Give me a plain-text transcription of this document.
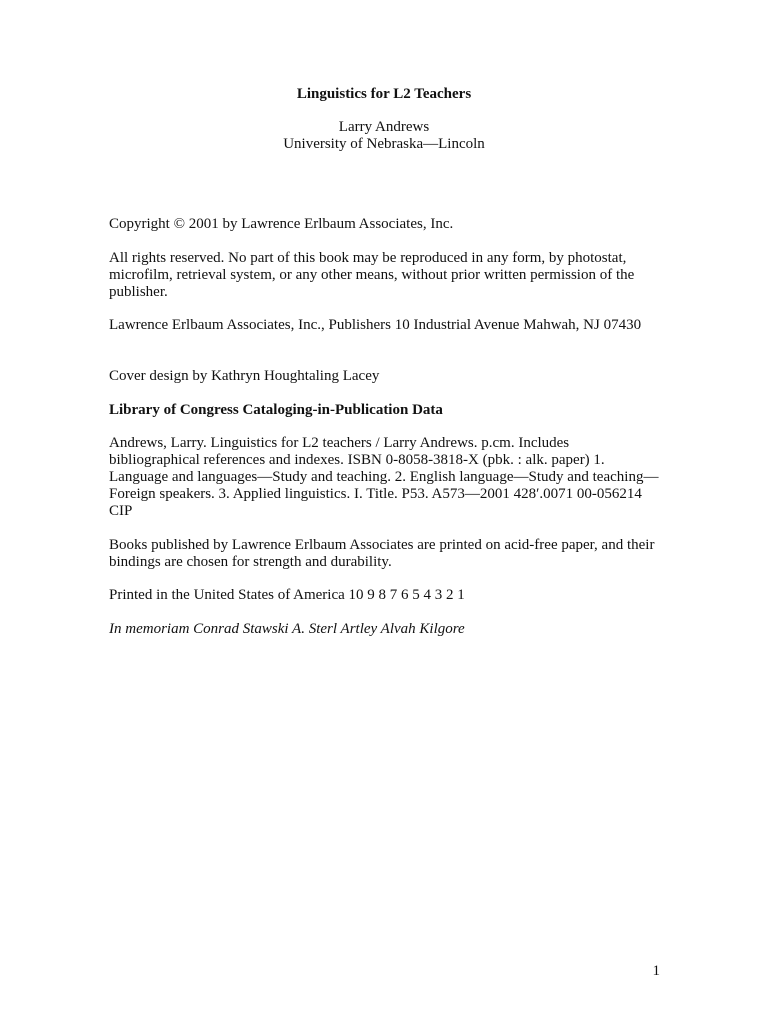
Linguistics for L2 Teachers
Larry Andrews
University of Nebraska—Lincoln

Copyright © 2001 by Lawrence Erlbaum Associates, Inc.

All rights reserved. No part of this book may be reproduced in any form, by photostat, microfilm, retrieval system, or any other means, without prior written permission of the publisher.

Lawrence Erlbaum Associates, Inc., Publishers 10 Industrial Avenue Mahwah, NJ 07430

Cover design by Kathryn Houghtaling Lacey

Library of Congress Cataloging-in-Publication Data

Andrews, Larry. Linguistics for L2 teachers / Larry Andrews. p.cm. Includes bibliographical references and indexes. ISBN 0-8058-3818-X (pbk. : alk. paper) 1. Language and languages—Study and teaching. 2. English language—Study and teaching—Foreign speakers. 3. Applied linguistics. I. Title. P53. A573—2001 428′.0071 00-056214 CIP

Books published by Lawrence Erlbaum Associates are printed on acid-free paper, and their bindings are chosen for strength and durability.

Printed in the United States of America 10 9 8 7 6 5 4 3 2 1

In memoriam Conrad Stawski A. Sterl Artley Alvah Kilgore

1
